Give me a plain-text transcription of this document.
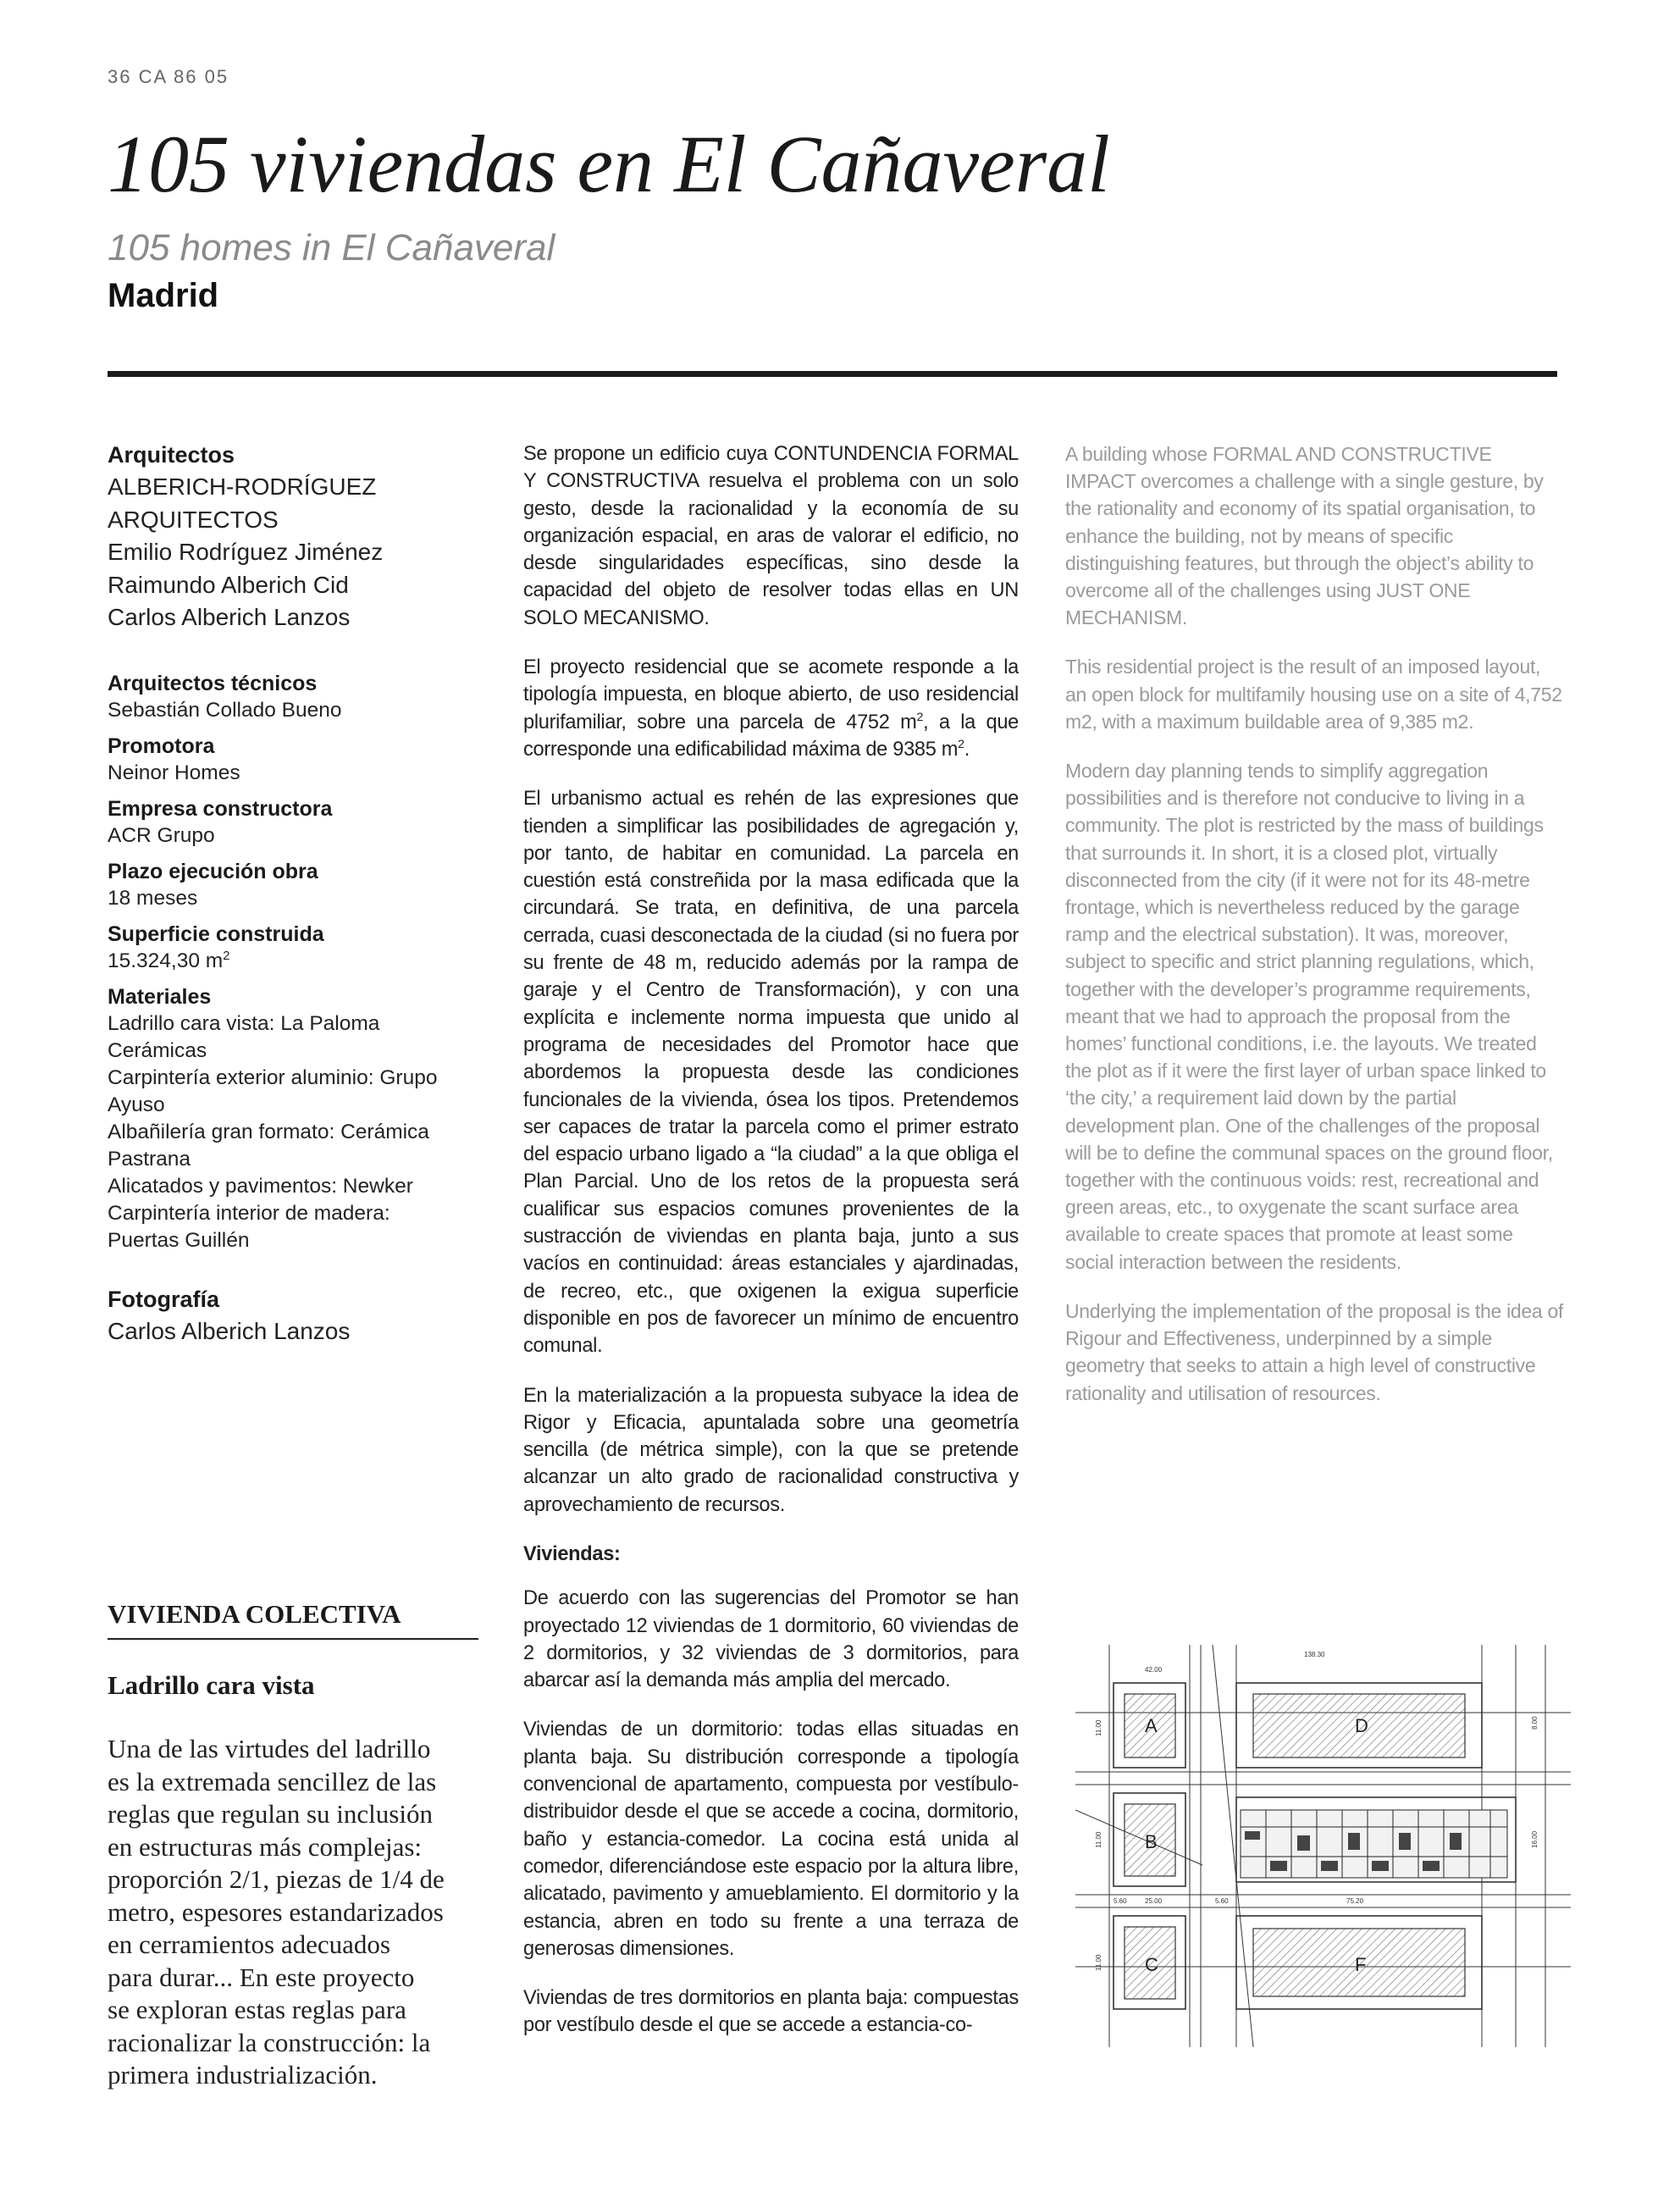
36 CA 86 05
105 viviendas en El Cañaveral
105 homes in El Cañaveral
Madrid
Arquitectos
ALBERICH-RODRÍGUEZ
ARQUITECTOS
Emilio Rodríguez Jiménez
Raimundo Alberich Cid
Carlos Alberich Lanzos
Arquitectos técnicos
Sebastián Collado Bueno
Promotora
Neinor Homes
Empresa constructora
ACR Grupo
Plazo ejecución obra
18 meses
Superficie construida
15.324,30 $m^2$
Materiales
Ladrillo cara vista: La Paloma
Cerámicas
Carpintería exterior aluminio: Grupo
Ayuso
Albañilería gran formato: Cerámica
Pastrana
Alicatados y pavimentos: Newker
Carpintería interior de madera:
Puertas Guillén
Fotografía
Carlos Alberich Lanzos
VIVIENDA COLECTIVA
Ladrillo cara vista
Una de las virtudes del ladrillo
es la extremada sencillez de las
reglas que regulan su inclusión
en estructuras más complejas:
proporción 2/1, piezas de 1/4 de
metro, espesores estandarizados
en cerramientos adecuados
para durar... En este proyecto
se exploran estas reglas para
racionalizar la construcción: la
primera industrialización.

Se propone un edificio cuya CONTUNDENCIA FORMAL Y CONSTRUCTIVA resuelva el problema con un solo gesto, desde la racionalidad y la economía de su organización espacial, en aras de valorar el edificio, no desde singularidades específicas, sino desde la capacidad del objeto de resolver todas ellas en UN SOLO MECANISMO.

El proyecto residencial que se acomete responde a la tipología impuesta, en bloque abierto, de uso residencial plurifamiliar, sobre una parcela de 4752 $m^2$, a la que corresponde una edificabilidad máxima de 9385 $m^2$.

El urbanismo actual es rehén de las expresiones que tienden a simplificar las posibilidades de agregación y, por tanto, de habitar en comunidad. La parcela en cuestión está constreñida por la masa edificada que la circundará. Se trata, en definitiva, de una parcela cerrada, cuasi desconectada de la ciudad (si no fuera por su frente de 48 m, reducido además por la rampa de garaje y el Centro de Transformación), y con una explícita e inclemente norma impuesta que unido al programa de necesidades del Promotor hace que abordemos la propuesta desde las condiciones funcionales de la vivienda, ósea los tipos. Pretendemos ser capaces de tratar la parcela como el primer estrato del espacio urbano ligado a “la ciudad” a la que obliga el Plan Parcial. Uno de los retos de la propuesta será cualificar sus espacios comunes provenientes de la sustracción de viviendas en planta baja, junto a sus vacíos en continuidad: áreas estanciales y ajardinadas, de recreo, etc., que oxigenen la exigua superficie disponible en pos de favorecer un mínimo de encuentro comunal.

En la materialización a la propuesta subyace la idea de Rigor y Eficacia, apuntalada sobre una geometría sencilla (de métrica simple), con la que se pretende alcanzar un alto grado de racionalidad constructiva y aprovechamiento de recursos.

Viviendas:

De acuerdo con las sugerencias del Promotor se han proyectado 12 viviendas de 1 dormitorio, 60 viviendas de 2 dormitorios, y 32 viviendas de 3 dormitorios, para abarcar así la demanda más amplia del mercado.

Viviendas de un dormitorio: todas ellas situadas en planta baja. Su distribución corresponde a tipología convencional de apartamento, compuesta por vestíbulo-distribuidor desde el que se accede a cocina, dormitorio, baño y estancia-comedor. La cocina está unida al comedor, diferenciándose este espacio por la altura libre, alicatado, pavimento y amueblamiento. El dormitorio y la estancia, abren en todo su frente a una terraza de generosas dimensiones.

Viviendas de tres dormitorios en planta baja: compuestas por vestíbulo desde el que se accede a estancia-co-

A building whose FORMAL AND CONSTRUCTIVE IMPACT overcomes a challenge with a single gesture, by the rationality and economy of its spatial organisation, to enhance the building, not by means of specific distinguishing features, but through the object’s ability to overcome all of the challenges using JUST ONE MECHANISM.

This residential project is the result of an imposed layout, an open block for multifamily housing use on a site of 4,752 m2, with a maximum buildable area of 9,385 m2.

Modern day planning tends to simplify aggregation possibilities and is therefore not conducive to living in a community. The plot is restricted by the mass of buildings that surrounds it. In short, it is a closed plot, virtually disconnected from the city (if it were not for its 48-metre frontage, which is nevertheless reduced by the garage ramp and the electrical substation). It was, moreover, subject to specific and strict planning regulations, which, together with the developer’s programme requirements, meant that we had to approach the proposal from the homes’ functional conditions, i.e. the layouts. We treated the plot as if it were the first layer of urban space linked to ‘the city,’ a requirement laid down by the partial development plan. One of the challenges of the proposal will be to define the communal spaces on the ground floor, together with the continuous voids: rest, recreational and green areas, etc., to oxygenate the scant surface area available to create spaces that promote at least some social interaction between the residents.

Underlying the implementation of the proposal is the idea of Rigour and Effectiveness, underpinned by a simple geometry that seeks to attain a high level of constructive rationality and utilisation of resources.

A
B
C
D
F
138.30
42.00
11.00
11.00
5.60	25.00
11.00
5.60	75.20
8.00
16.00
